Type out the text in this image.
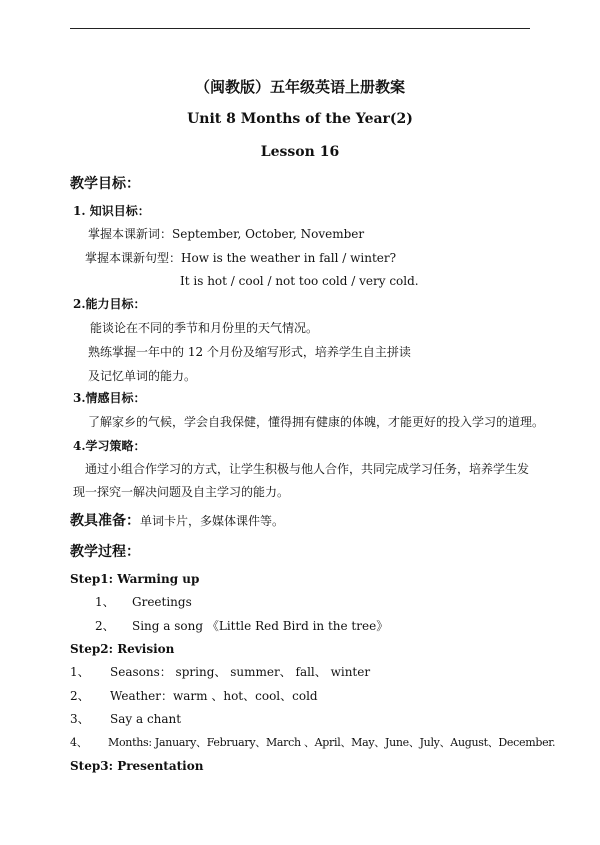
（闽教版）五年级英语上册教案
Unit 8 Months of the Year(2)
Lesson 16
教学目标：
1. 知识目标：
掌握本课新词：September, October, November
掌握本课新句型：How is the weather in fall / winter?
It is hot / cool / not too cold / very cold.
2.能力目标：
能谈论在不同的季节和月份里的天气情况。
熟练掌握一年中的 12 个月份及缩写形式，培养学生自主拼读
及记忆单词的能力。
3.情感目标：
了解家乡的气候，学会自我保健，懂得拥有健康的体魄，才能更好的投入学习的道理。
4.学习策略：
通过小组合作学习的方式，让学生积极与他人合作，共同完成学习任务，培养学生发
现一探究一解决问题及自主学习的能力。
教具准备：单词卡片，多媒体课件等。
教学过程：
Step1: Warming up
1、 Greetings
2、 Sing a song 《Little Red Bird in the tree》
Step2: Revision
1、 Seasons： spring、 summer、 fall、 winter
2、 Weather：warm 、hot、cool、cold
3、 Say a chant
4、 Months: January、February、March 、April、May、June、July、August、December.
Step3: Presentation
